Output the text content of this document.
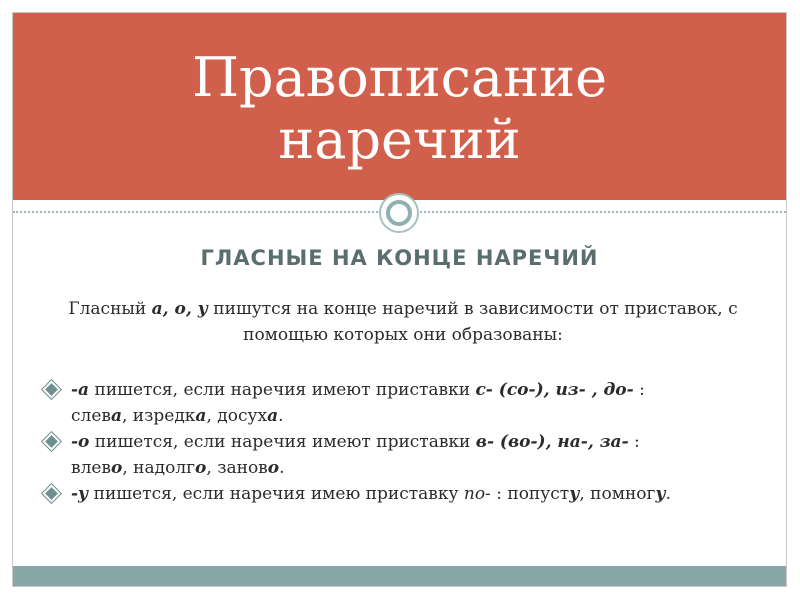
Правописание
наречий
ГЛАСНЫЕ НА КОНЦЕ НАРЕЧИЙ
Гласный а, о, у пишутся на конце наречий в зависимости от приставок, с помощью которых они образованы:
-а пишется, если наречия имеют приставки с- (со-), из- , до- :
слева, изредка, досуха.
-о пишется, если наречия имеют приставки в- (во-), на-, за- :
влево, надолго, заново.
-у пишется, если наречия имею приставку по- : попусту, помногу.
